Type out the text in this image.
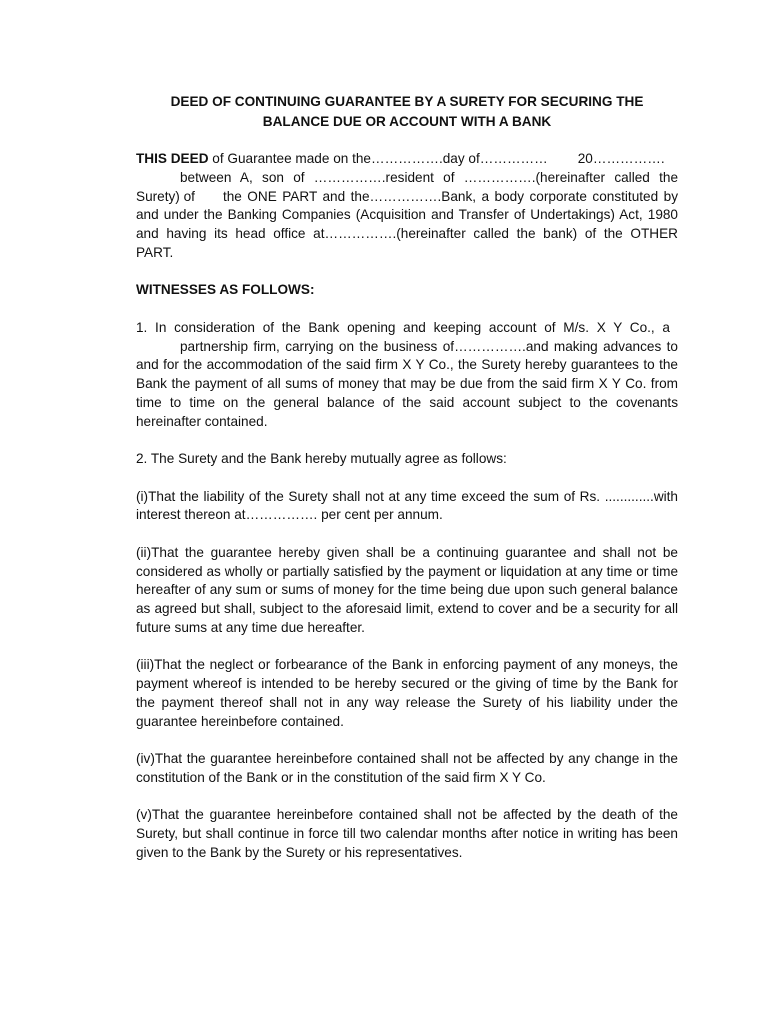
DEED OF CONTINUING GUARANTEE BY A SURETY FOR SECURING THE
BALANCE DUE OR ACCOUNT WITH A BANK
THIS DEED of Guarantee made on the…………….day of…………… 20…………….
between A, son of …………….resident of …………….(hereinafter called the
Surety) of the ONE PART and the…………….Bank, a body corporate constituted by
and under the Banking Companies (Acquisition and Transfer of Undertakings) Act, 1980
and having its head office at…………….(hereinafter called the bank) of the OTHER
PART.
WITNESSES AS FOLLOWS:
1. In consideration of the Bank opening and keeping account of M/s. X Y Co., a
partnership firm, carrying on the business of…………….and making advances to
and for the accommodation of the said firm X Y Co., the Surety hereby guarantees to the Bank the payment of all sums of money that may be due from the said firm X Y Co. from time to time on the general balance of the said account subject to the covenants hereinafter contained.

2. The Surety and the Bank hereby mutually agree as follows:

(i)That the liability of the Surety shall not at any time exceed the sum of Rs. .............with interest thereon at……………. per cent per annum.

(ii)That the guarantee hereby given shall be a continuing guarantee and shall not be considered as wholly or partially satisfied by the payment or liquidation at any time or time hereafter of any sum or sums of money for the time being due upon such general balance as agreed but shall, subject to the aforesaid limit, extend to cover and be a security for all future sums at any time due hereafter.

(iii)That the neglect or forbearance of the Bank in enforcing payment of any moneys, the payment whereof is intended to be hereby secured or the giving of time by the Bank for the payment thereof shall not in any way release the Surety of his liability under the guarantee hereinbefore contained.

(iv)That the guarantee hereinbefore contained shall not be affected by any change in the constitution of the Bank or in the constitution of the said firm X Y Co.

(v)That the guarantee hereinbefore contained shall not be affected by the death of the Surety, but shall continue in force till two calendar months after notice in writing has been given to the Bank by the Surety or his representatives.
